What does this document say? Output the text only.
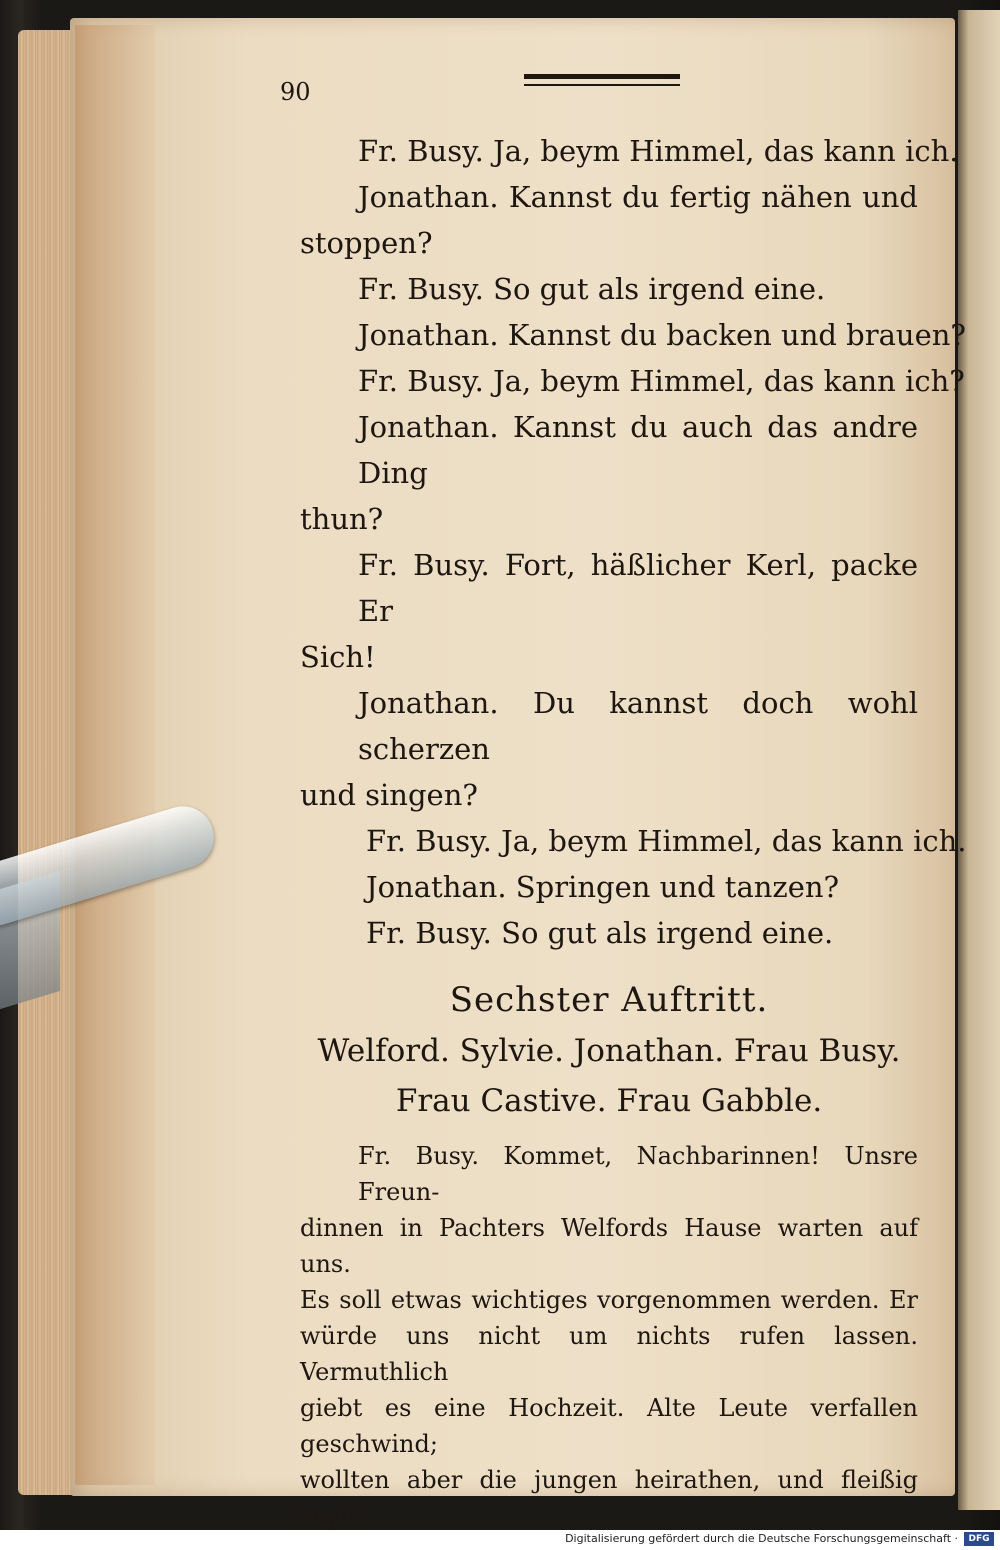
90
Fr. Busy. Ja, beym Himmel, das kann ich.
Jonathan. Kannst du fertig nähen und
stoppen?
Fr. Busy. So gut als irgend eine.
Jonathan. Kannst du backen und brauen?
Fr. Busy. Ja, beym Himmel, das kann ich?
Jonathan. Kannst du auch das andre Ding
thun?
Fr. Busy. Fort, häßlicher Kerl, packe Er
Sich!
Jonathan. Du kannst doch wohl scherzen
und singen?
Fr. Busy. Ja, beym Himmel, das kann ich.
Jonathan. Springen und tanzen?
Fr. Busy. So gut als irgend eine.
Sechster Auftritt.
Welford. Sylvie. Jonathan. Frau Busy.
Frau Castive. Frau Gabble.
Fr. Busy. Kommet, Nachbarinnen! Unsre Freun-
dinnen in Pachters Welfords Hause warten auf uns.
Es soll etwas wichtiges vorgenommen werden. Er
würde uns nicht um nichts rufen lassen. Vermuthlich
giebt es eine Hochzeit. Alte Leute verfallen geschwind;
wollten aber die jungen heirathen, und fleißig seyn,
Digitalisierung gefördert durch die Deutsche Forschungsgemeinschaft ·	DFG
